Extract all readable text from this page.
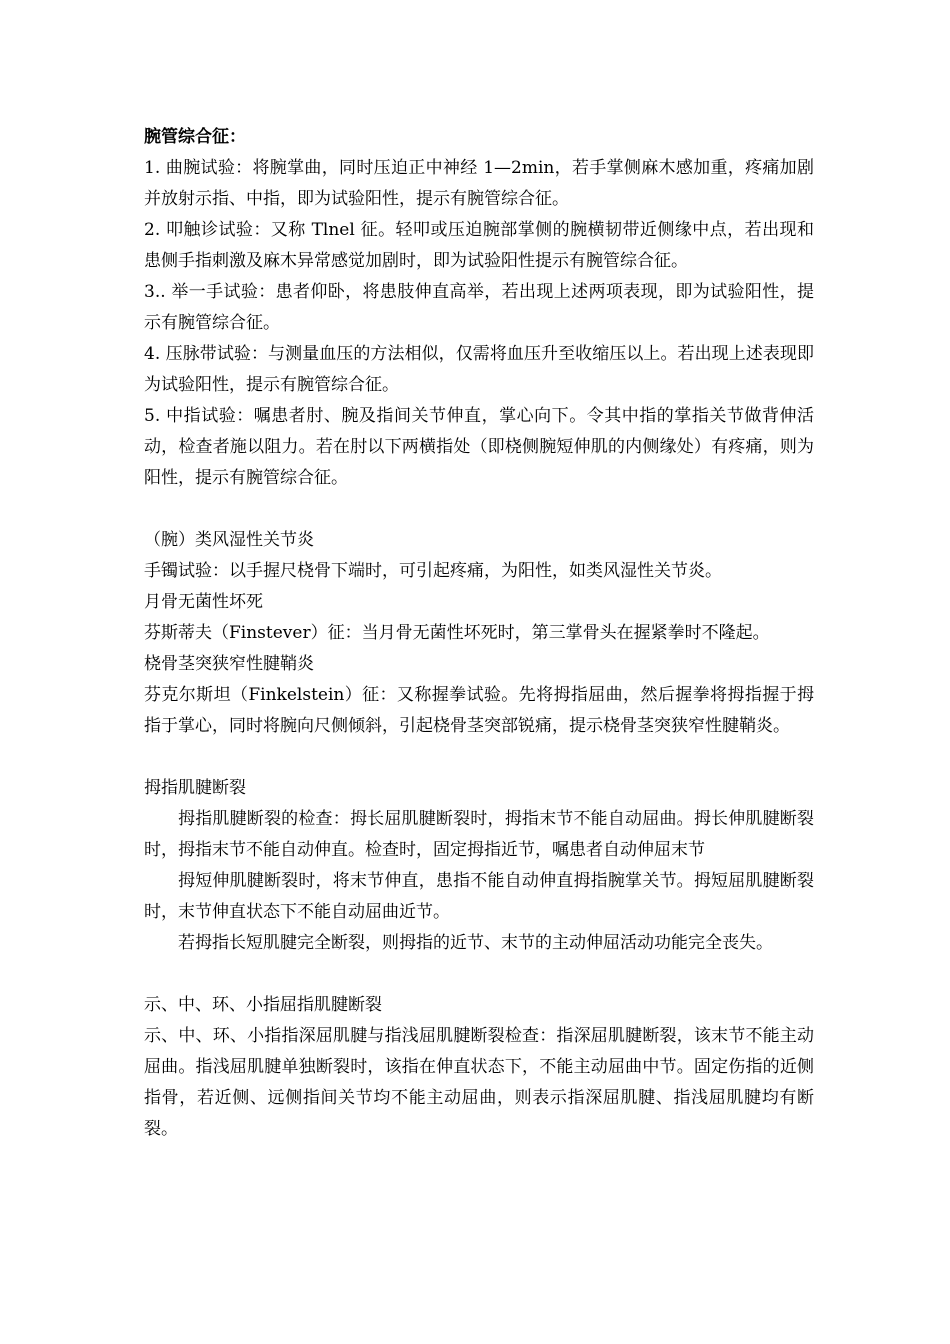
腕管综合征：

1. 曲腕试验：将腕掌曲，同时压迫正中神经 1—2min，若手掌侧麻木感加重，疼痛加剧并放射示指、中指，即为试验阳性，提示有腕管综合征。

2. 叩触诊试验：又称 Tlnel 征。轻叩或压迫腕部掌侧的腕横韧带近侧缘中点，若出现和患侧手指刺激及麻木异常感觉加剧时，即为试验阳性提示有腕管综合征。

3.. 举一手试验：患者仰卧，将患肢伸直高举，若出现上述两项表现，即为试验阳性，提示有腕管综合征。

4. 压脉带试验：与测量血压的方法相似，仅需将血压升至收缩压以上。若出现上述表现即为试验阳性，提示有腕管综合征。

5. 中指试验：嘱患者肘、腕及指间关节伸直，掌心向下。令其中指的掌指关节做背伸活动，检查者施以阻力。若在肘以下两横指处（即桡侧腕短伸肌的内侧缘处）有疼痛，则为阳性，提示有腕管综合征。

（腕）类风湿性关节炎

手镯试验：以手握尺桡骨下端时，可引起疼痛，为阳性，如类风湿性关节炎。

月骨无菌性坏死

芬斯蒂夫（Finstever）征：当月骨无菌性坏死时，第三掌骨头在握紧拳时不隆起。

桡骨茎突狭窄性腱鞘炎

芬克尔斯坦（Finkelstein）征：又称握拳试验。先将拇指屈曲，然后握拳将拇指握于拇指于掌心，同时将腕向尺侧倾斜，引起桡骨茎突部锐痛，提示桡骨茎突狭窄性腱鞘炎。

拇指肌腱断裂

拇指肌腱断裂的检查：拇长屈肌腱断裂时，拇指末节不能自动屈曲。拇长伸肌腱断裂时，拇指末节不能自动伸直。检查时，固定拇指近节，嘱患者自动伸屈末节

拇短伸肌腱断裂时，将末节伸直，患指不能自动伸直拇指腕掌关节。拇短屈肌腱断裂时，末节伸直状态下不能自动屈曲近节。

若拇指长短肌腱完全断裂，则拇指的近节、末节的主动伸屈活动功能完全丧失。

示、中、环、小指屈指肌腱断裂

示、中、环、小指指深屈肌腱与指浅屈肌腱断裂检查：指深屈肌腱断裂，该末节不能主动屈曲。指浅屈肌腱单独断裂时，该指在伸直状态下，不能主动屈曲中节。固定伤指的近侧指骨，若近侧、远侧指间关节均不能主动屈曲，则表示指深屈肌腱、指浅屈肌腱均有断裂。
